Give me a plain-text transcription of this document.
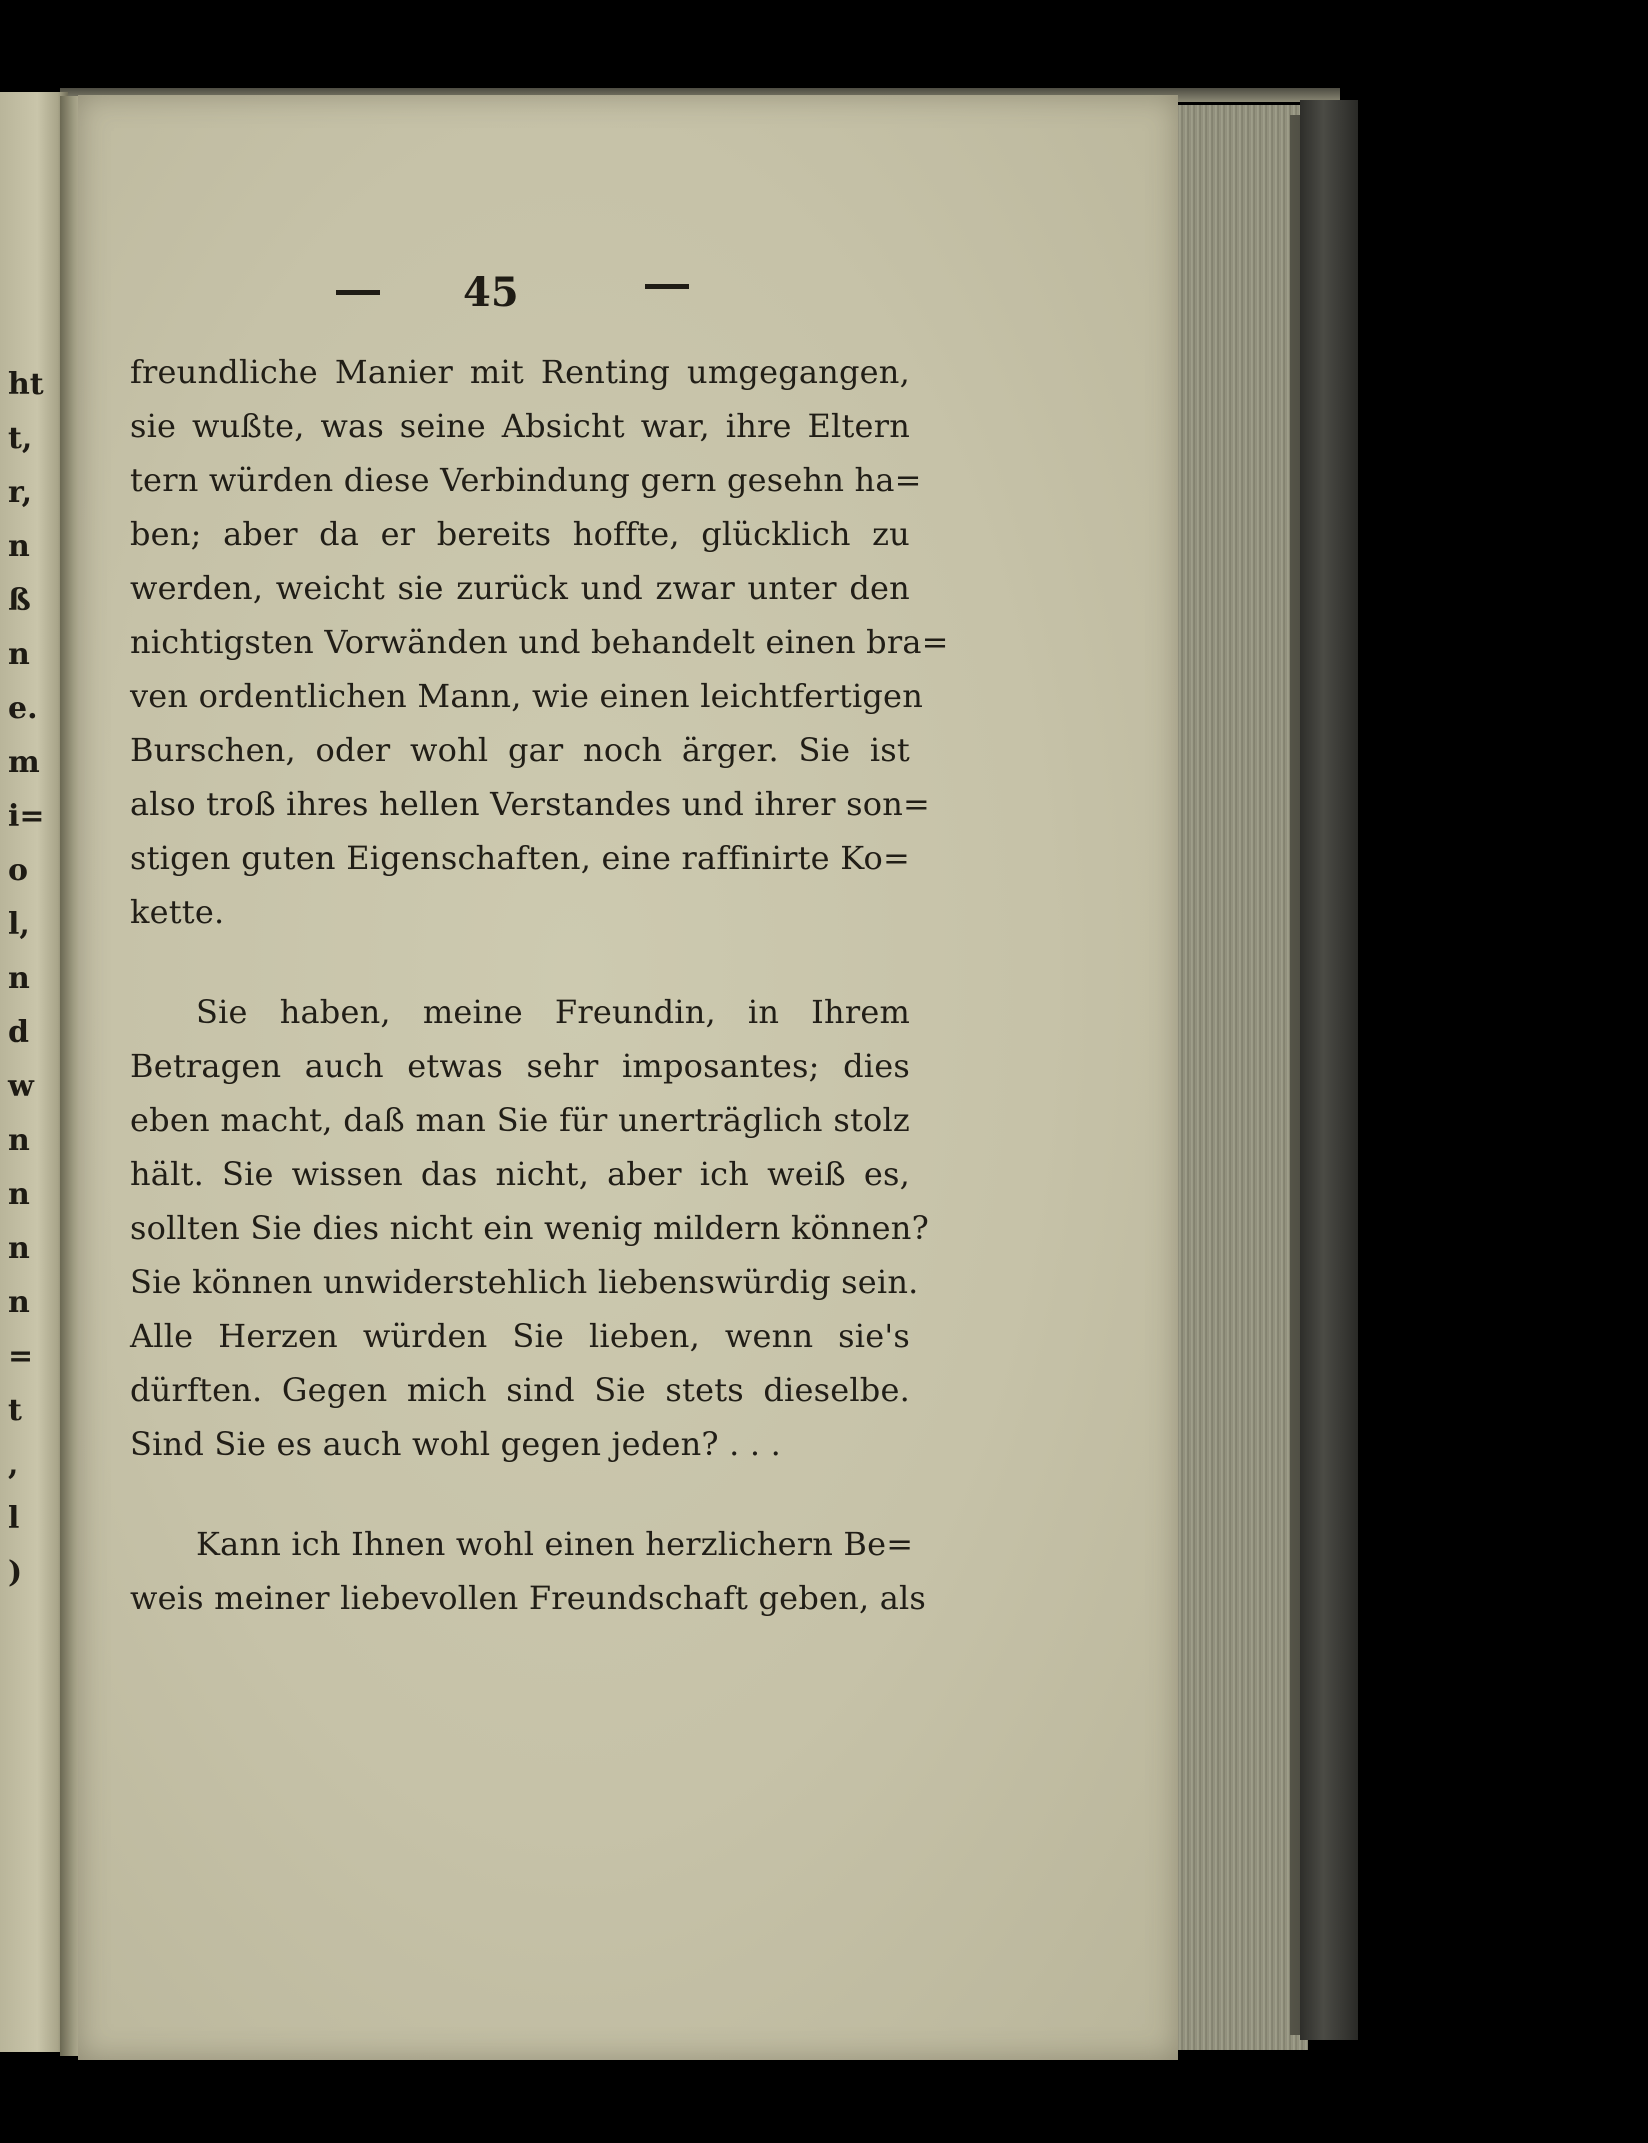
ht
t,
r,
n
ß
n
e.
m
i=
o
l,
n
d
w
n
n
n
n
=
t
,
l
)
45
freundliche Manier mit Renting umgegangen,
sie wußte, was seine Absicht war, ihre Eltern
tern würden diese Verbindung gern gesehn ha=
ben; aber da er bereits hoffte, glücklich zu
werden, weicht sie zurück und zwar unter den
nichtigsten Vorwänden und behandelt einen bra=
ven ordentlichen Mann, wie einen leichtfertigen
Burschen, oder wohl gar noch ärger. Sie ist
also troß ihres hellen Verstandes und ihrer son=
stigen guten Eigenschaften, eine raffinirte Ko=
kette.
Sie haben, meine Freundin, in Ihrem
Betragen auch etwas sehr imposantes; dies
eben macht, daß man Sie für unerträglich stolz
hält. Sie wissen das nicht, aber ich weiß es,
sollten Sie dies nicht ein wenig mildern können?
Sie können unwiderstehlich liebenswürdig sein.
Alle Herzen würden Sie lieben, wenn sie's
dürften. Gegen mich sind Sie stets dieselbe.
Sind Sie es auch wohl gegen jeden? . . .
Kann ich Ihnen wohl einen herzlichern Be=
weis meiner liebevollen Freundschaft geben, als
